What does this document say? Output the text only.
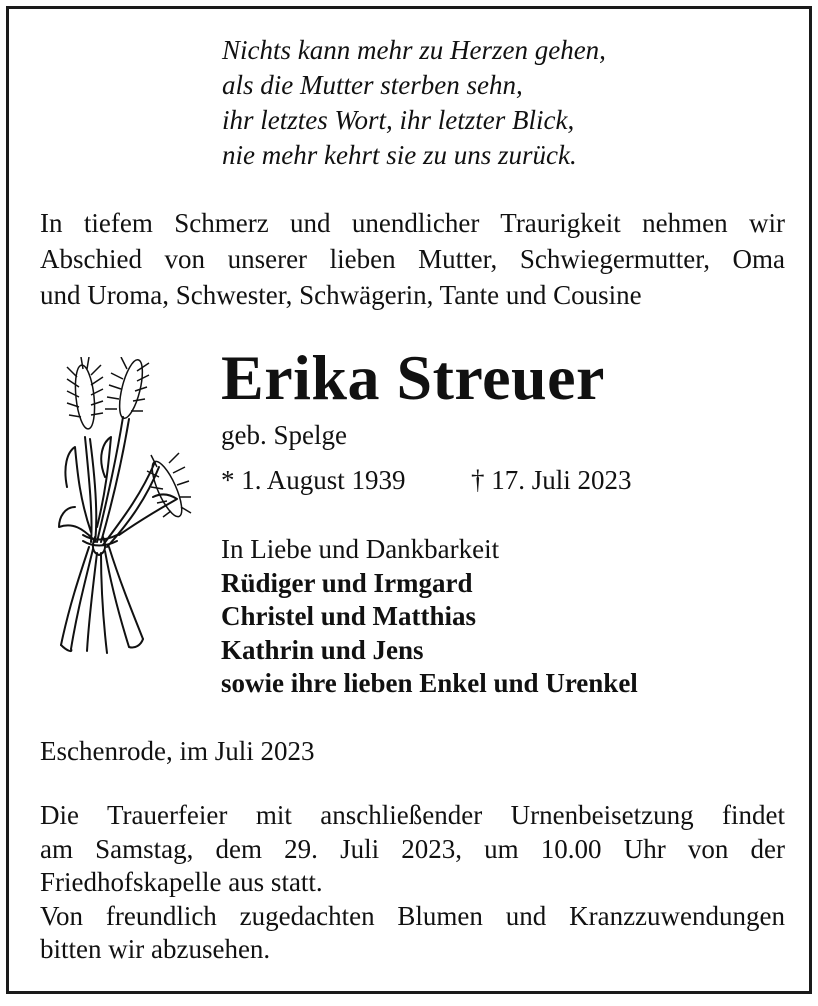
Nichts kann mehr zu Herzen gehen,
als die Mutter sterben sehn,
ihr letztes Wort, ihr letzter Blick,
nie mehr kehrt sie zu uns zurück.
In tiefem Schmerz und unendlicher Traurigkeit nehmen wir
Abschied von unserer lieben Mutter, Schwiegermutter, Oma
und Uroma, Schwester, Schwägerin, Tante und Cousine
Erika Streuer
geb. Spelge
* 1. August 1939 † 17. Juli 2023
In Liebe und Dankbarkeit
Rüdiger und Irmgard
Christel und Matthias
Kathrin und Jens
sowie ihre lieben Enkel und Urenkel
Eschenrode, im Juli 2023
Die Trauerfeier mit anschließender Urnenbeisetzung findet
am Samstag, dem 29. Juli 2023, um 10.00 Uhr von der
Friedhofskapelle aus statt.
Von freundlich zugedachten Blumen und Kranzzuwendungen
bitten wir abzusehen.
